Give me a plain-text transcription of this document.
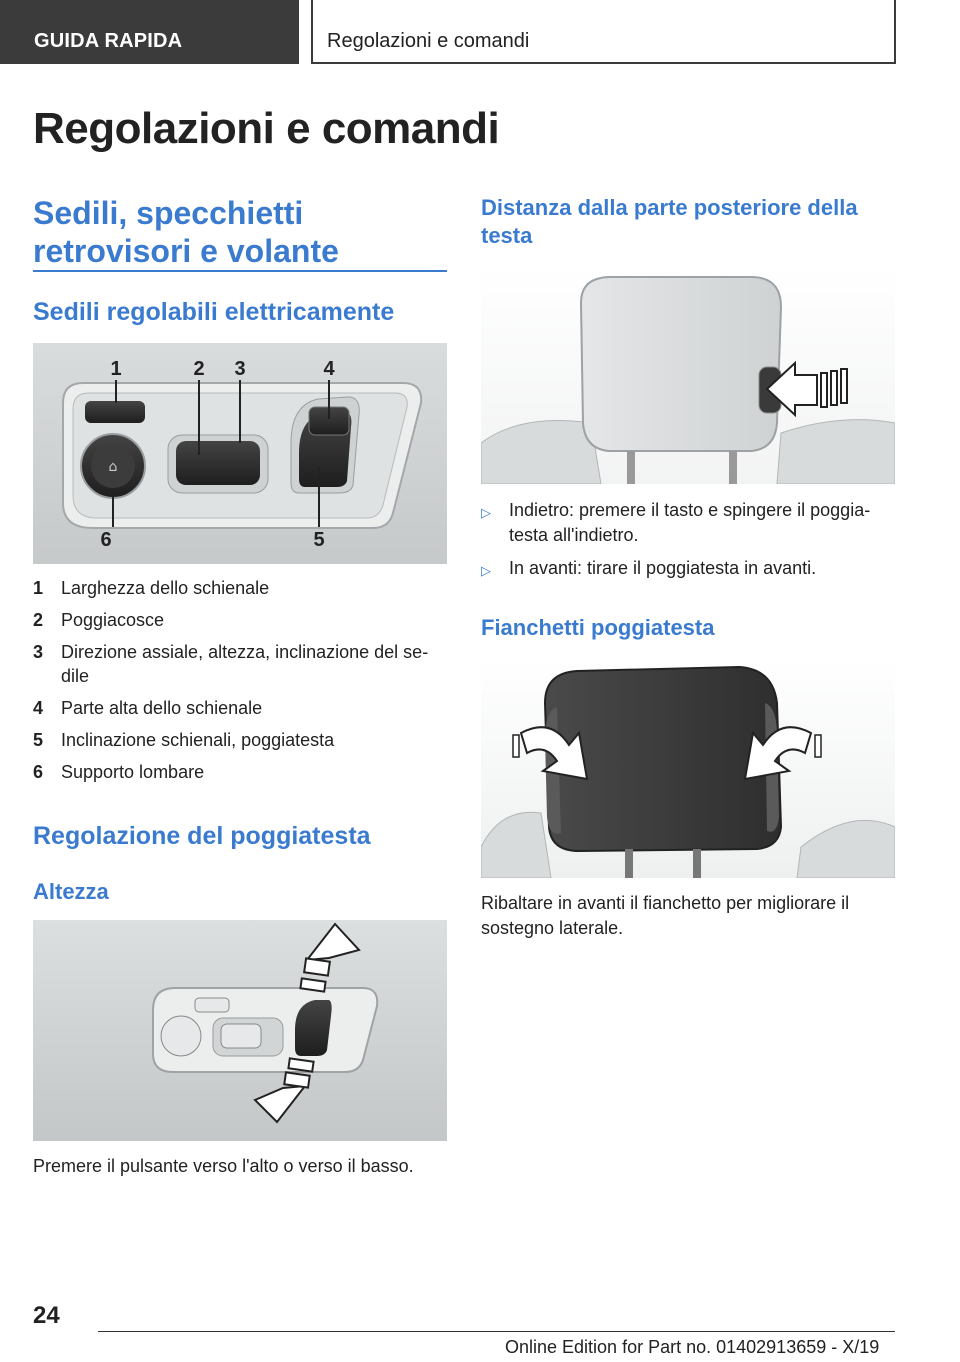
GUIDA RAPIDA	Regolazioni e comandi
Regolazioni e comandi
Sedili, specchietti
retrovisori e volante
Sedili regolabili elettricamente
⌂
1	2 3	4
6	5
1 Larghezza dello schienale
2 Poggiacosce
3 Direzione assiale, altezza, inclinazione del sedile
4 Parte alta dello schienale
5 Inclinazione schienali, poggiatesta
6 Supporto lombare
Regolazione del poggiatesta
Altezza
Premere il pulsante verso l'alto o verso il basso.
Distanza dalla parte posteriore della testa
▷	Indietro: premere il tasto e spingere il poggiatesta all'indietro.
▷	In avanti: tirare il poggiatesta in avanti.
Fianchetti poggiatesta
Ribaltare in avanti il fianchetto per migliorare il sostegno laterale.
24
Online Edition for Part no. 01402913659 - X/19
